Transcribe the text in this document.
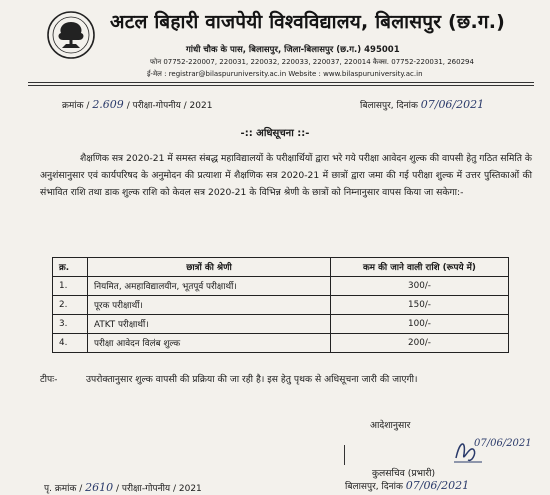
अटल बिहारी वाजपेयी विश्वविद्यालय, बिलासपुर (छ.ग.)
गांधी चौक के पास, बिलासपुर, जिला-बिलासपुर (छ.ग.) 495001
फोन 07752-220007, 220031, 220032, 220033, 220037, 220014 कैक्स. 07752-220031, 260294
ई-मेल : registrar@bilaspuruniversity.ac.in Website : www.bilaspuruniversity.ac.in
क्रमांक / 2.609 / परीक्षा-गोपनीय / 2021	बिलासपुर, दिनांक 07/06/2021
-:: अधिसूचना ::-

शैक्षणिक सत्र 2020-21 में समस्त संबद्ध महाविद्यालयों के परीक्षार्थियों द्वारा भरे गये परीक्षा आवेदन शुल्क की वापसी हेतु गठित समिति के अनुशंसानुसार एवं कार्यपरिषद के अनुमोदन की प्रत्याशा में शैक्षणिक सत्र 2020-21 में छात्रों द्वारा जमा की गई परीक्षा शुल्क में उत्तर पुस्तिकाओं की संभावित राशि तथा डाक शुल्क राशि को केवल सत्र 2020-21 के विभिन्न श्रेणी के छात्रों को निम्नानुसार वापस किया जा सकेगा:-

क्र.	छात्रों की श्रेणी	कम की जाने वाली राशि (रूपये में)
1.	नियमित, अमहाविद्यालयीन, भूतपूर्व परीक्षार्थी।	300/-
2.	पूरक परीक्षार्थी।	150/-
3.	ATKT परीक्षार्थी।	100/-
4.	परीक्षा आवेदन विलंब शुल्क	200/-
टीपः-	उपरोक्तानुसार शुल्क वापसी की प्रक्रिया की जा रही है। इस हेतु पृथक से अधिसूचना जारी की जाएगी।
आदेशानुसार
07/06/2021
कुलसचिव (प्रभारी)
पृ. क्रमांक / 2610 / परीक्षा-गोपनीय / 2021	बिलासपुर, दिनांक 07/06/2021
